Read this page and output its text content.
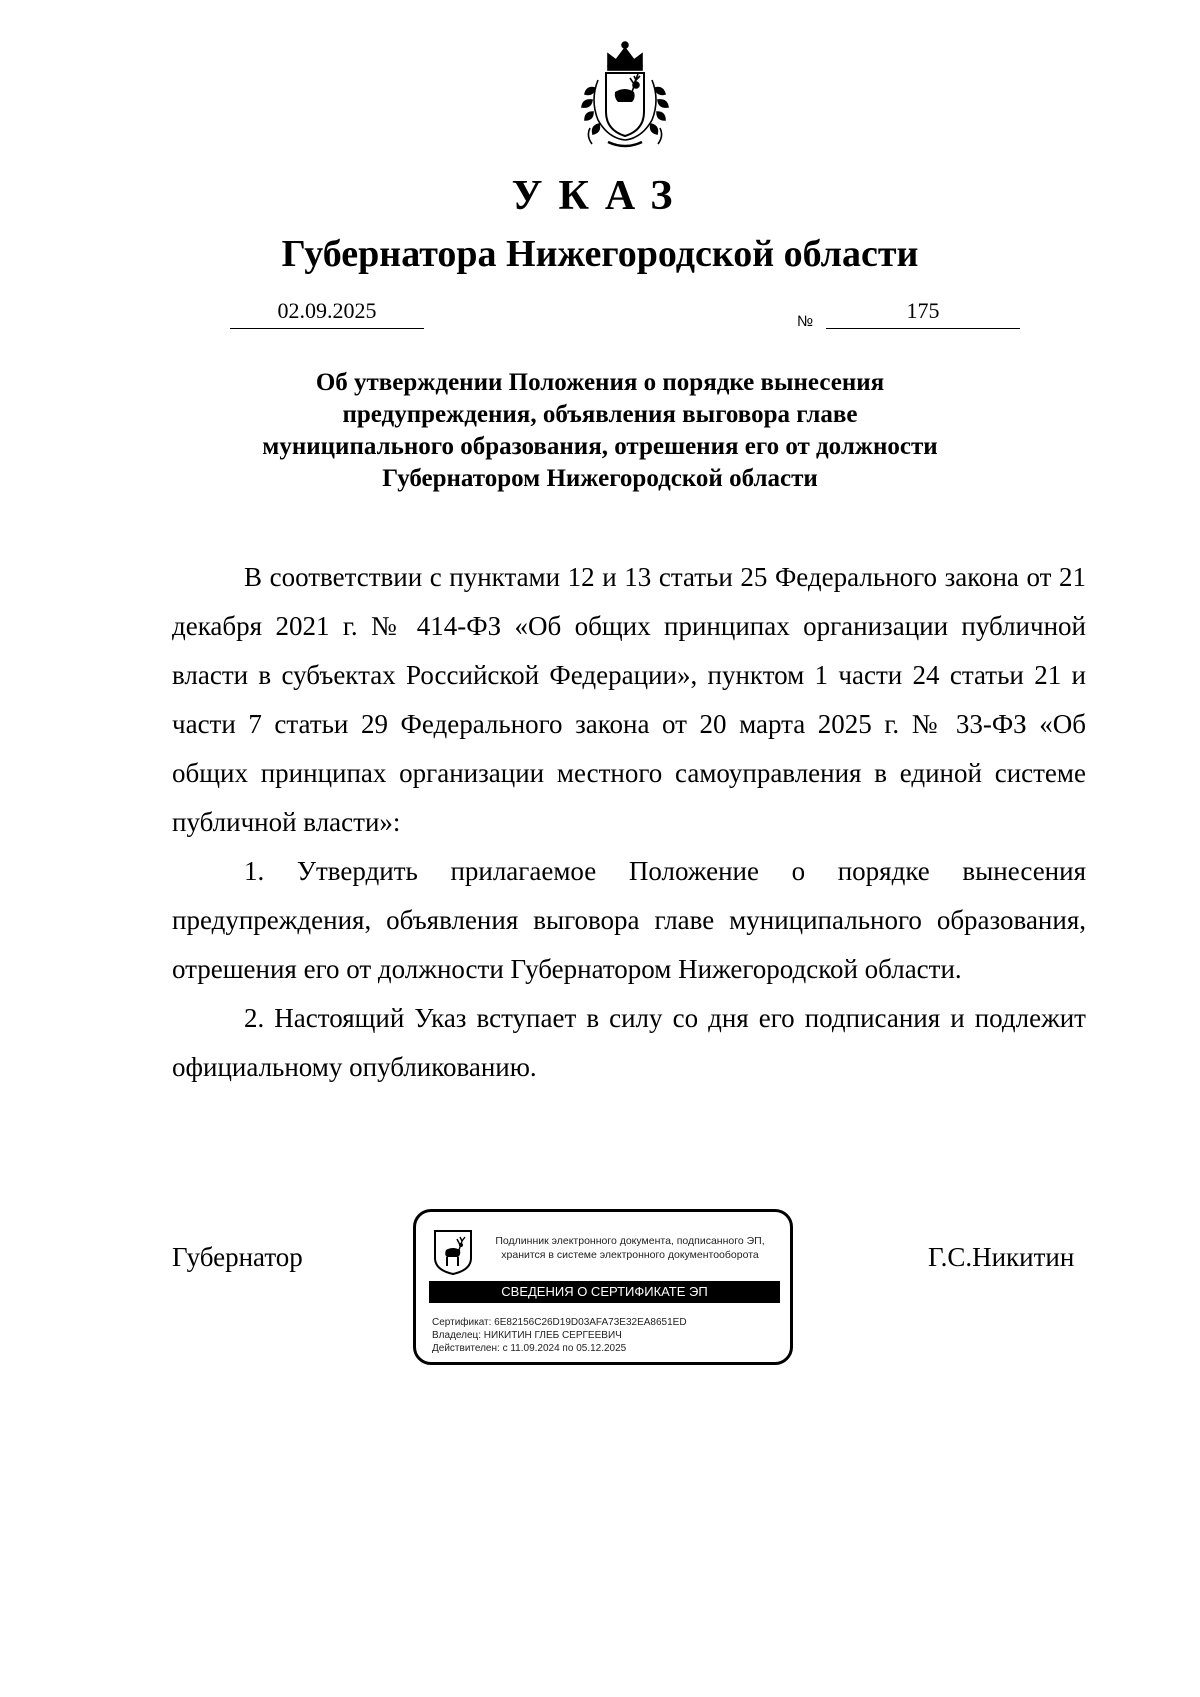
УКАЗ
Губернатора Нижегородской области
02.09.2025	№	175
Об утверждении Положения о порядке вынесения
предупреждения, объявления выговора главе
муниципального образования, отрешения его от должности
Губернатором Нижегородской области

В соответствии с пунктами 12 и 13 статьи 25 Федерального закона от 21 декабря 2021 г. № 414-ФЗ «Об общих принципах организации публичной власти в субъектах Российской Федерации», пунктом 1 части 24 статьи 21 и части 7 статьи 29 Федерального закона от 20 марта 2025 г. № 33-ФЗ «Об общих принципах организации местного самоуправления в единой системе публичной власти»:

1. Утвердить прилагаемое Положение о порядке вынесения предупреждения, объявления выговора главе муниципального образования, отрешения его от должности Губернатором Нижегородской области.

2. Настоящий Указ вступает в силу со дня его подписания и подлежит официальному опубликованию.

Губернатор	Г.С.Никитин
Подлинник электронного документа, подписанного ЭП,
хранится в системе электронного документооборота
СВЕДЕНИЯ О СЕРТИФИКАТЕ ЭП
Сертификат: 6E82156C26D19D03AFA73E32EA8651ED
Владелец: НИКИТИН ГЛЕБ СЕРГЕЕВИЧ
Действителен: с 11.09.2024 по 05.12.2025
